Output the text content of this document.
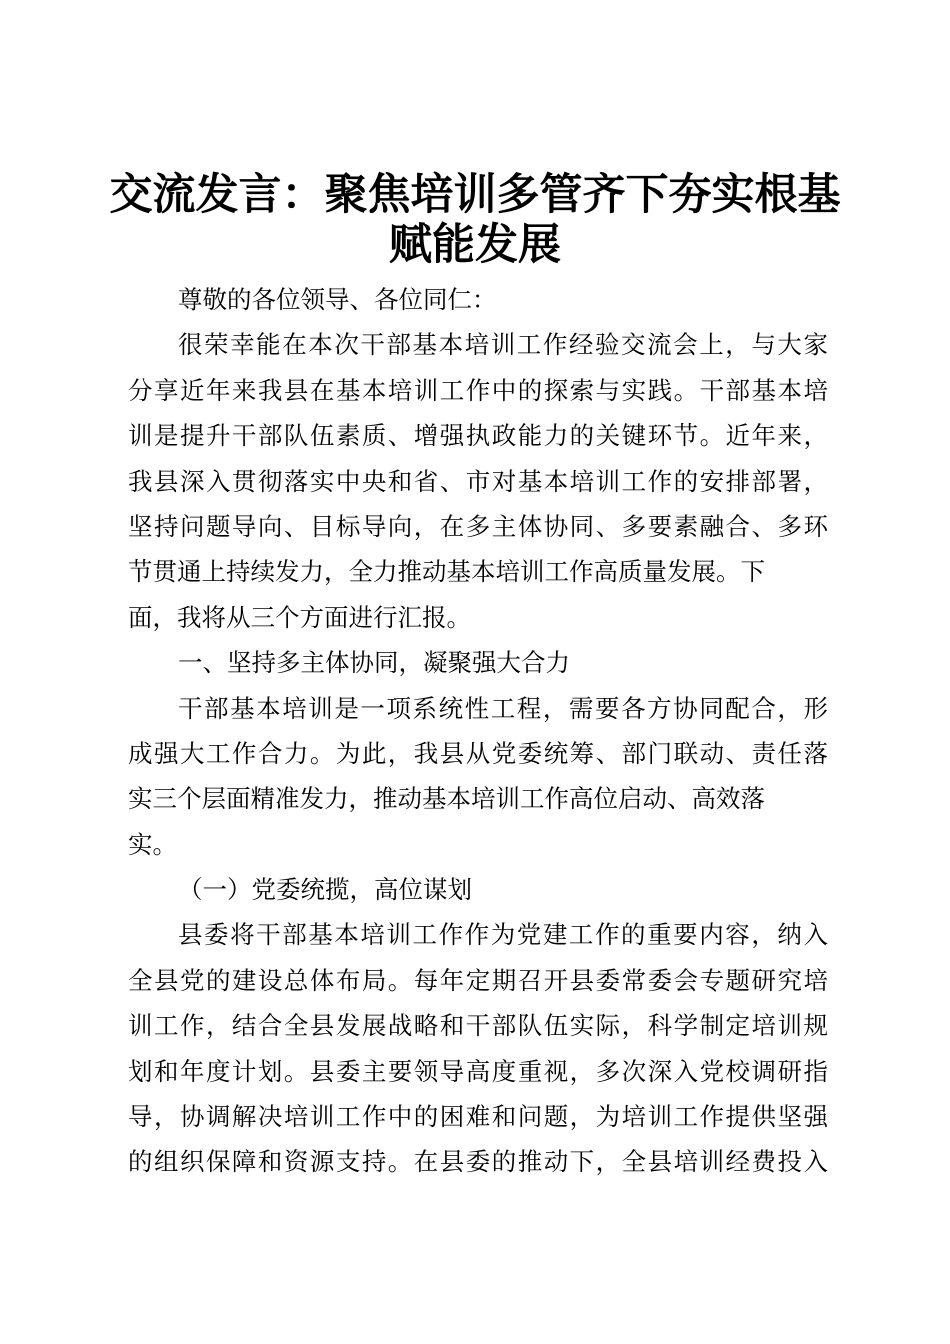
交流发言：聚焦培训多管齐下夯实根基
赋能发展
尊敬的各位领导、各位同仁：
很荣幸能在本次干部基本培训工作经验交流会上，与大家
分享近年来我县在基本培训工作中的探索与实践。干部基本培
训是提升干部队伍素质、增强执政能力的关键环节。近年来，
我县深入贯彻落实中央和省、市对基本培训工作的安排部署，
坚持问题导向、目标导向，在多主体协同、多要素融合、多环
节贯通上持续发力，全力推动基本培训工作高质量发展。下
面，我将从三个方面进行汇报。
一、坚持多主体协同，凝聚强大合力
干部基本培训是一项系统性工程，需要各方协同配合，形
成强大工作合力。为此，我县从党委统筹、部门联动、责任落
实三个层面精准发力，推动基本培训工作高位启动、高效落
实。
（一）党委统揽，高位谋划
县委将干部基本培训工作作为党建工作的重要内容，纳入
全县党的建设总体布局。每年定期召开县委常委会专题研究培
训工作，结合全县发展战略和干部队伍实际，科学制定培训规
划和年度计划。县委主要领导高度重视，多次深入党校调研指
导，协调解决培训工作中的困难和问题，为培训工作提供坚强
的组织保障和资源支持。在县委的推动下，全县培训经费投入
